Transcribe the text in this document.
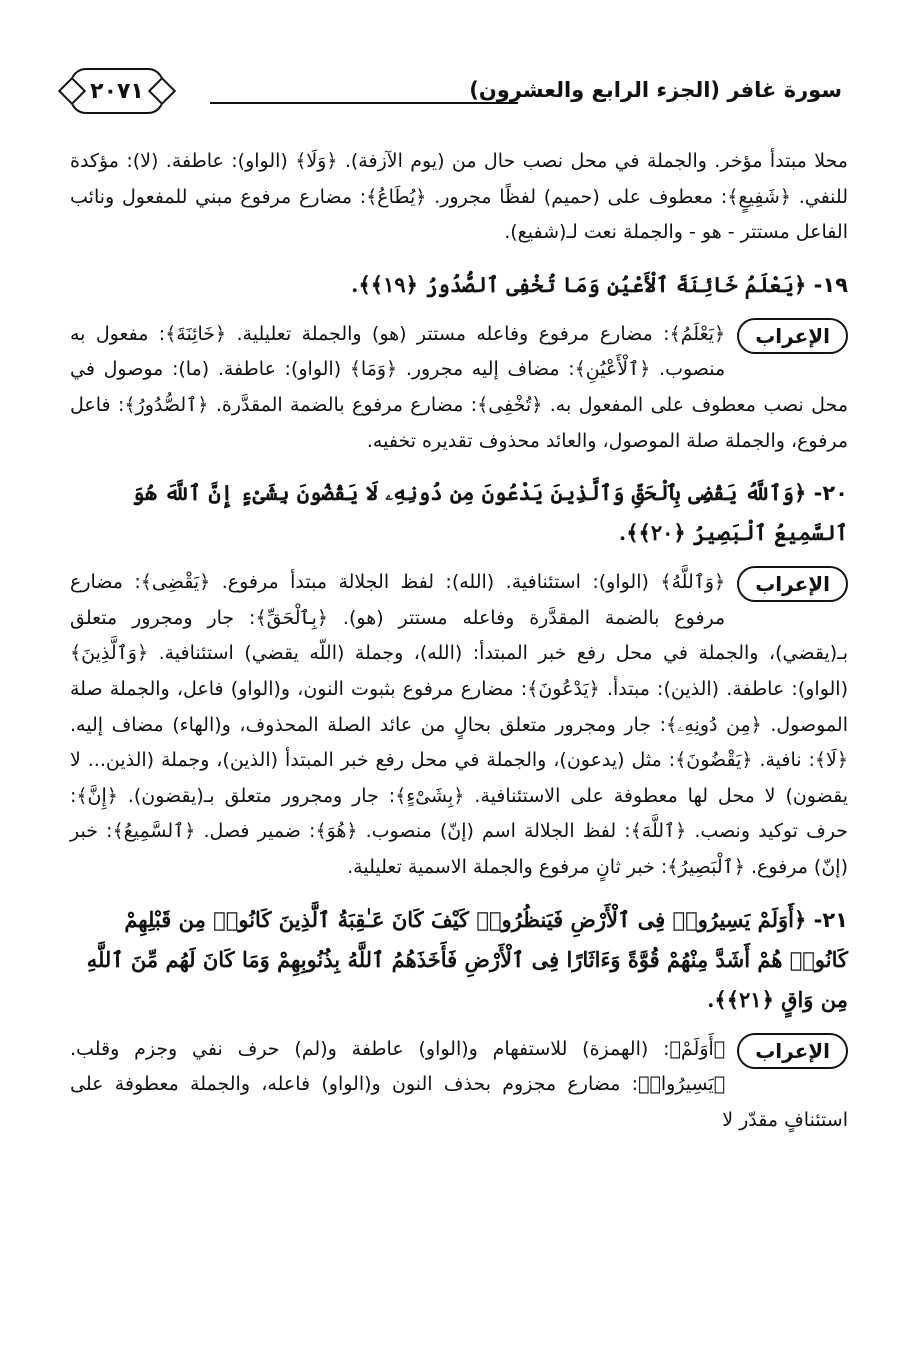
سورة غافر (الجزء الرابع والعشرون)
٢٠٧١

محلا مبتدأ مؤخر. والجملة في محل نصب حال من (يوم الآزفة). ﴿وَلَا﴾ (الواو): عاطفة. (لا): مؤكدة للنفي. ﴿شَفِيعٍ﴾: معطوف على (حميم) لفظًا مجرور. ﴿يُطَاعُ﴾: مضارع مرفوع مبني للمفعول ونائب الفاعل مستتر - هو - والجملة نعت لـ(شفيع).

١٩- ﴿يَعْلَمُ خَائِنَةَ ٱلْأَعْيُنِ وَمَا تُخْفِى ٱلصُّدُورُ ﴿١٩﴾﴾.

الإعراب
﴿يَعْلَمُ﴾: مضارع مرفوع وفاعله مستتر (هو) والجملة تعليلية. ﴿خَائِنَةَ﴾: مفعول به منصوب. ﴿ٱلْأَعْيُنِ﴾: مضاف إليه مجرور. ﴿وَمَا﴾ (الواو): عاطفة. (ما): موصول في محل نصب معطوف على المفعول به. ﴿تُخْفِى﴾: مضارع مرفوع بالضمة المقدَّرة. ﴿ٱلصُّدُورُ﴾: فاعل مرفوع، والجملة صلة الموصول، والعائد محذوف تقديره تخفيه.

٢٠- ﴿وَٱللَّهُ يَقْضِى بِٱلْحَقِّ وَٱلَّذِينَ يَدْعُونَ مِن دُونِهِۦ لَا يَقْضُونَ بِشَىْءٍ إِنَّ ٱللَّهَ هُوَ ٱلسَّمِيعُ ٱلْبَصِيرُ ﴿٢٠﴾﴾.

الإعراب
﴿وَٱللَّهُ﴾ (الواو): استئنافية. (الله): لفظ الجلالة مبتدأ مرفوع. ﴿يَقْضِى﴾: مضارع مرفوع بالضمة المقدَّرة وفاعله مستتر (هو). ﴿بِٱلْحَقِّ﴾: جار ومجرور متعلق بـ(يقضي)، والجملة في محل رفع خبر المبتدأ: (الله)، وجملة (اللّه يقضي) استئنافية. ﴿وَٱلَّذِينَ﴾ (الواو): عاطفة. (الذين): مبتدأ. ﴿يَدْعُونَ﴾: مضارع مرفوع بثبوت النون، و(الواو) فاعل، والجملة صلة الموصول. ﴿مِن دُونِهِۦ﴾: جار ومجرور متعلق بحالٍ من عائد الصلة المحذوف، و(الهاء) مضاف إليه. ﴿لَا﴾: نافية. ﴿يَقْضُونَ﴾: مثل (يدعون)، والجملة في محل رفع خبر المبتدأ (الذين)، وجملة (الذين... لا يقضون) لا محل لها معطوفة على الاستئنافية. ﴿بِشَىْءٍ﴾: جار ومجرور متعلق بـ(يقضون). ﴿إِنَّ﴾: حرف توكيد ونصب. ﴿ٱللَّهَ﴾: لفظ الجلالة اسم (إنّ) منصوب. ﴿هُوَ﴾: ضمير فصل. ﴿ٱلسَّمِيعُ﴾: خبر (إنّ) مرفوع. ﴿ٱلْبَصِيرُ﴾: خبر ثانٍ مرفوع والجملة الاسمية تعليلية.

٢١- ﴿أَوَلَمْ يَسِيرُوا۟ فِى ٱلْأَرْضِ فَيَنظُرُوا۟ كَيْفَ كَانَ عَـٰقِبَةُ ٱلَّذِينَ كَانُوا۟ مِن قَبْلِهِمْ كَانُوا۟ هُمْ أَشَدَّ مِنْهُمْ قُوَّةً وَءَاثَارًا فِى ٱلْأَرْضِ فَأَخَذَهُمُ ٱللَّهُ بِذُنُوبِهِمْ وَمَا كَانَ لَهُم مِّنَ ٱللَّهِ مِن وَاقٍ ﴿٢١﴾﴾.

الإعراب
﴿أَوَلَمْ﴾: (الهمزة) للاستفهام و(الواو) عاطفة و(لم) حرف نفي وجزم وقلب. ﴿يَسِيرُوا۟﴾: مضارع مجزوم بحذف النون و(الواو) فاعله، والجملة معطوفة على استئنافٍ مقدّر لا
